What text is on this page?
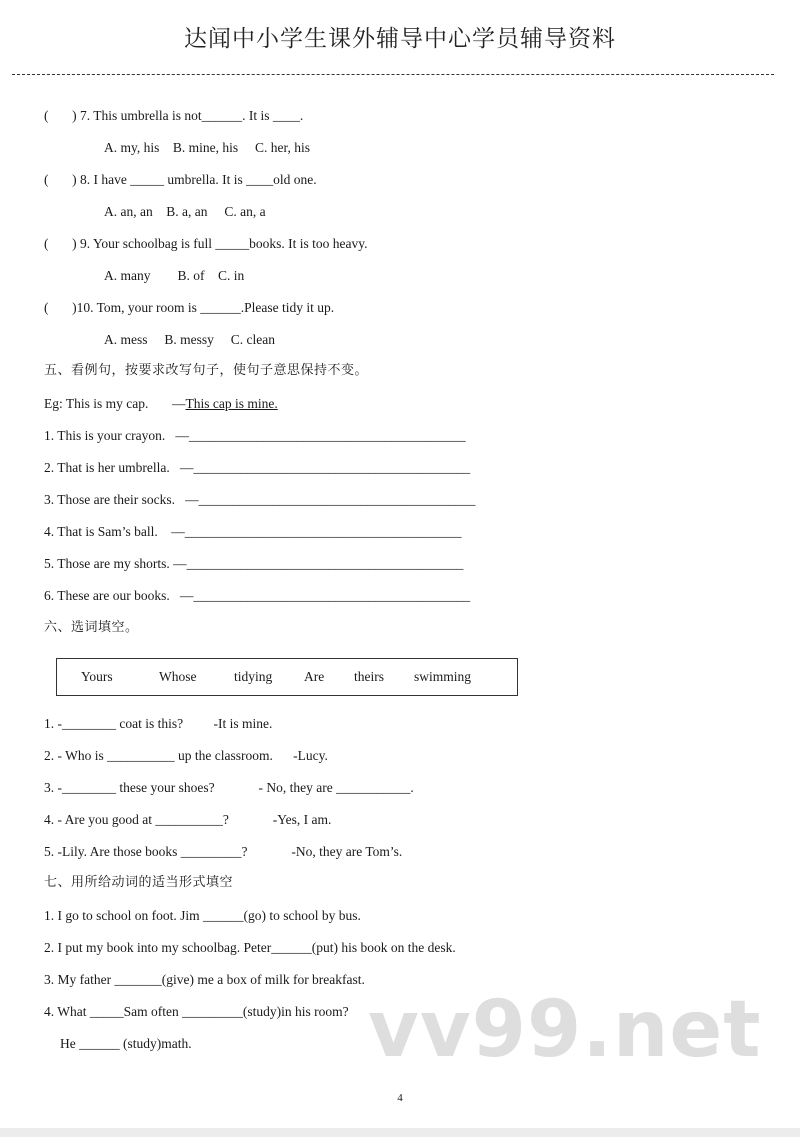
达闻中小学生课外辅导中心学员辅导资料
(       ) 7. This umbrella is not______. It is ____.
A. my, his    B. mine, his     C. her, his
(       ) 8. I have _____ umbrella. It is ____old one.
A. an, an    B. a, an     C. an, a
(       ) 9. Your schoolbag is full _____books. It is too heavy.
A. many        B. of    C. in
(       )10. Tom, your room is ______.Please tidy it up.
A. mess     B. messy     C. clean
五、看例句，按要求改写句子，使句子意思保持不变。
Eg: This is my cap.       —This cap is mine.
1. This is your crayon.   —_________________________________________
2. That is her umbrella.   —_________________________________________
3. Those are their socks.   —_________________________________________
4. That is Sam’s ball.    —_________________________________________
5. Those are my shorts. —_________________________________________
6. These are our books.   —_________________________________________
六、选词填空。
Yours	Whose	tidying Are theirs swimming
1. -________ coat is this?         -It is mine.
2. - Who is __________ up the classroom.      -Lucy.
3. -________ these your shoes?             - No, they are ___________.
4. - Are you good at __________?             -Yes, I am.
5. -Lily. Are those books _________?             -No, they are Tom’s.
七、用所给动词的适当形式填空
1. I go to school on foot. Jim ______(go) to school by bus.
2. I put my book into my schoolbag. Peter______(put) his book on the desk.
3. My father _______(give) me a box of milk for breakfast.
4. What _____Sam often _________(study)in his room?
He ______ (study)math. vv99.net
4
